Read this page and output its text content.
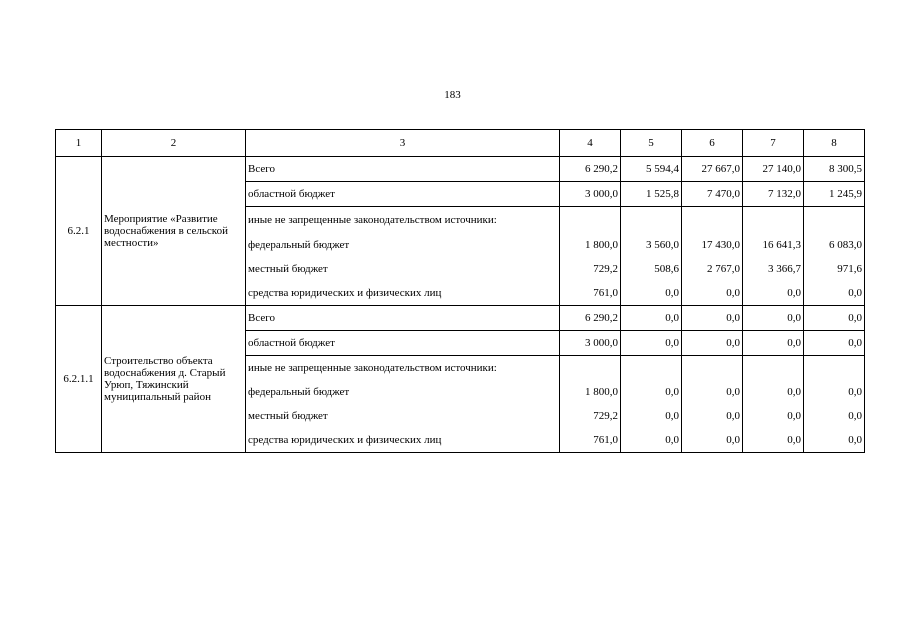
183
1	2	3	4	5	6	7	8
6.2.1	Мероприятие «Развитие водоснабжения в сельской местности»	Всего	6 290,2	5 594,4	27 667,0	27 140,0	8 300,5
		областной бюджет	3 000,0	1 525,8	7 470,0	7 132,0	1 245,9
		иные не запрещенные законодательством источники:					
		федеральный бюджет	1 800,0	3 560,0	17 430,0	16 641,3	6 083,0
		местный бюджет	729,2	508,6	2 767,0	3 366,7	971,6
		средства юридических и физических лиц	761,0	0,0	0,0	0,0	0,0
6.2.1.1	Строительство объекта водоснабжения д. Старый Урюп, Тяжинский муниципальный район	Всего	6 290,2	0,0	0,0	0,0	0,0
		областной бюджет	3 000,0	0,0	0,0	0,0	0,0
		иные не запрещенные законодательством источники:					
		федеральный бюджет	1 800,0	0,0	0,0	0,0	0,0
		местный бюджет	729,2	0,0	0,0	0,0	0,0
		средства юридических и физических лиц	761,0	0,0	0,0	0,0	0,0
